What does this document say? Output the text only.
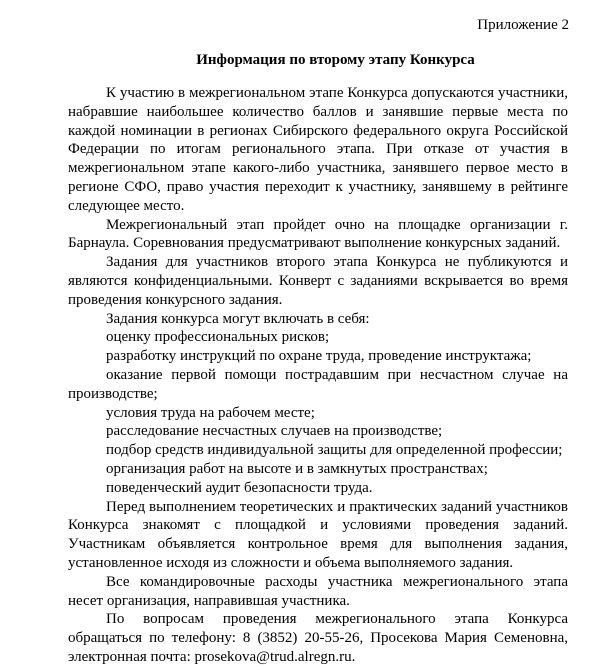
Приложение 2
Информация по второму этапу Конкурса

К участию в межрегиональном этапе Конкурса допускаются участники, набравшие наибольшее количество баллов и занявшие первые места по каждой номинации в регионах Сибирского федерального округа Российской Федерации по итогам регионального этапа. При отказе от участия в межрегиональном этапе какого-либо участника, занявшего первое место в регионе СФО, право участия переходит к участнику, занявшему в рейтинге следующее место.

Межрегиональный этап пройдет очно на площадке организации г. Барнаула. Соревнования предусматривают выполнение конкурсных заданий.

Задания для участников второго этапа Конкурса не публикуются и являются конфиденциальными. Конверт с заданиями вскрывается во время проведения конкурсного задания.

Задания конкурса могут включать в себя:

оценку профессиональных рисков;

разработку инструкций по охране труда, проведение инструктажа;

оказание первой помощи пострадавшим при несчастном случае на производстве;

условия труда на рабочем месте;

расследование несчастных случаев на производстве;

подбор средств индивидуальной защиты для определенной профессии;

организация работ на высоте и в замкнутых пространствах;

поведенческий аудит безопасности труда.

Перед выполнением теоретических и практических заданий участников Конкурса знакомят с площадкой и условиями проведения заданий. Участникам объявляется контрольное время для выполнения задания, установленное исходя из сложности и объема выполняемого задания.

Все командировочные расходы участника межрегионального этапа несет организация, направившая участника.

По вопросам проведения межрегионального этапа Конкурса обращаться по телефону: 8 (3852) 20-55-26, Просекова Мария Семеновна, электронная почта: prosekova@trud.alregn.ru.
